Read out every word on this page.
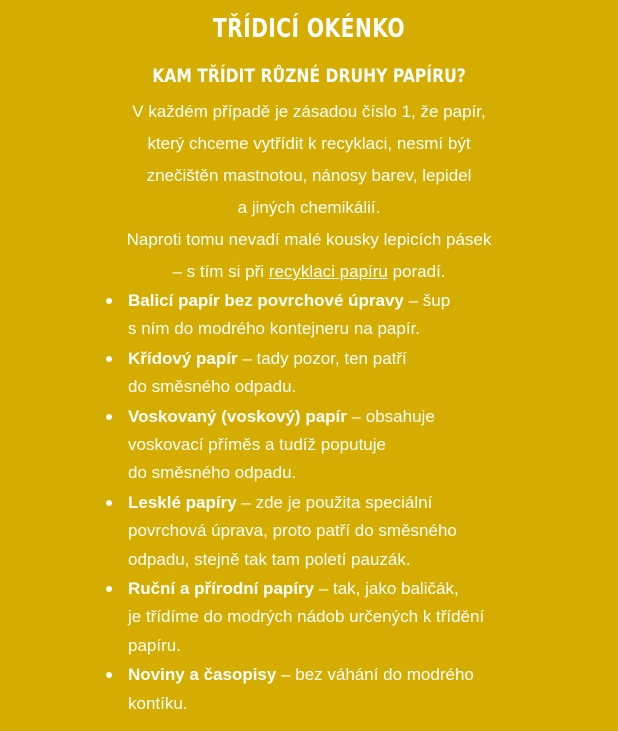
TŘÍDICÍ OKÉNKO
KAM TŘÍDIT RŮZNÉ DRUHY PAPÍRU?

V každém případě je zásadou číslo 1, že papír,
který chceme vytřídit k recyklaci, nesmí být
znečištěn mastnotou, nánosy barev, lepidel
a jiných chemikálií.

Naproti tomu nevadí malé kousky lepicích pásek
– s tím si při recyklaci papíru poradí.

Balicí papír bez povrchové úpravy – šup
s ním do modrého kontejneru na papír.
Křídový papír – tady pozor, ten patří
do směsného odpadu.
Voskovaný (voskový) papír – obsahuje
voskovací příměs a tudíž poputuje
do směsného odpadu.
Lesklé papíry – zde je použita speciální
povrchová úprava, proto patří do směsného
odpadu, stejně tak tam poletí pauzák.
Ruční a přírodní papíry – tak, jako baličák,
je třídíme do modrých nádob určených k třídění
papíru.
Noviny a časopisy – bez váhání do modrého
kontíku.
